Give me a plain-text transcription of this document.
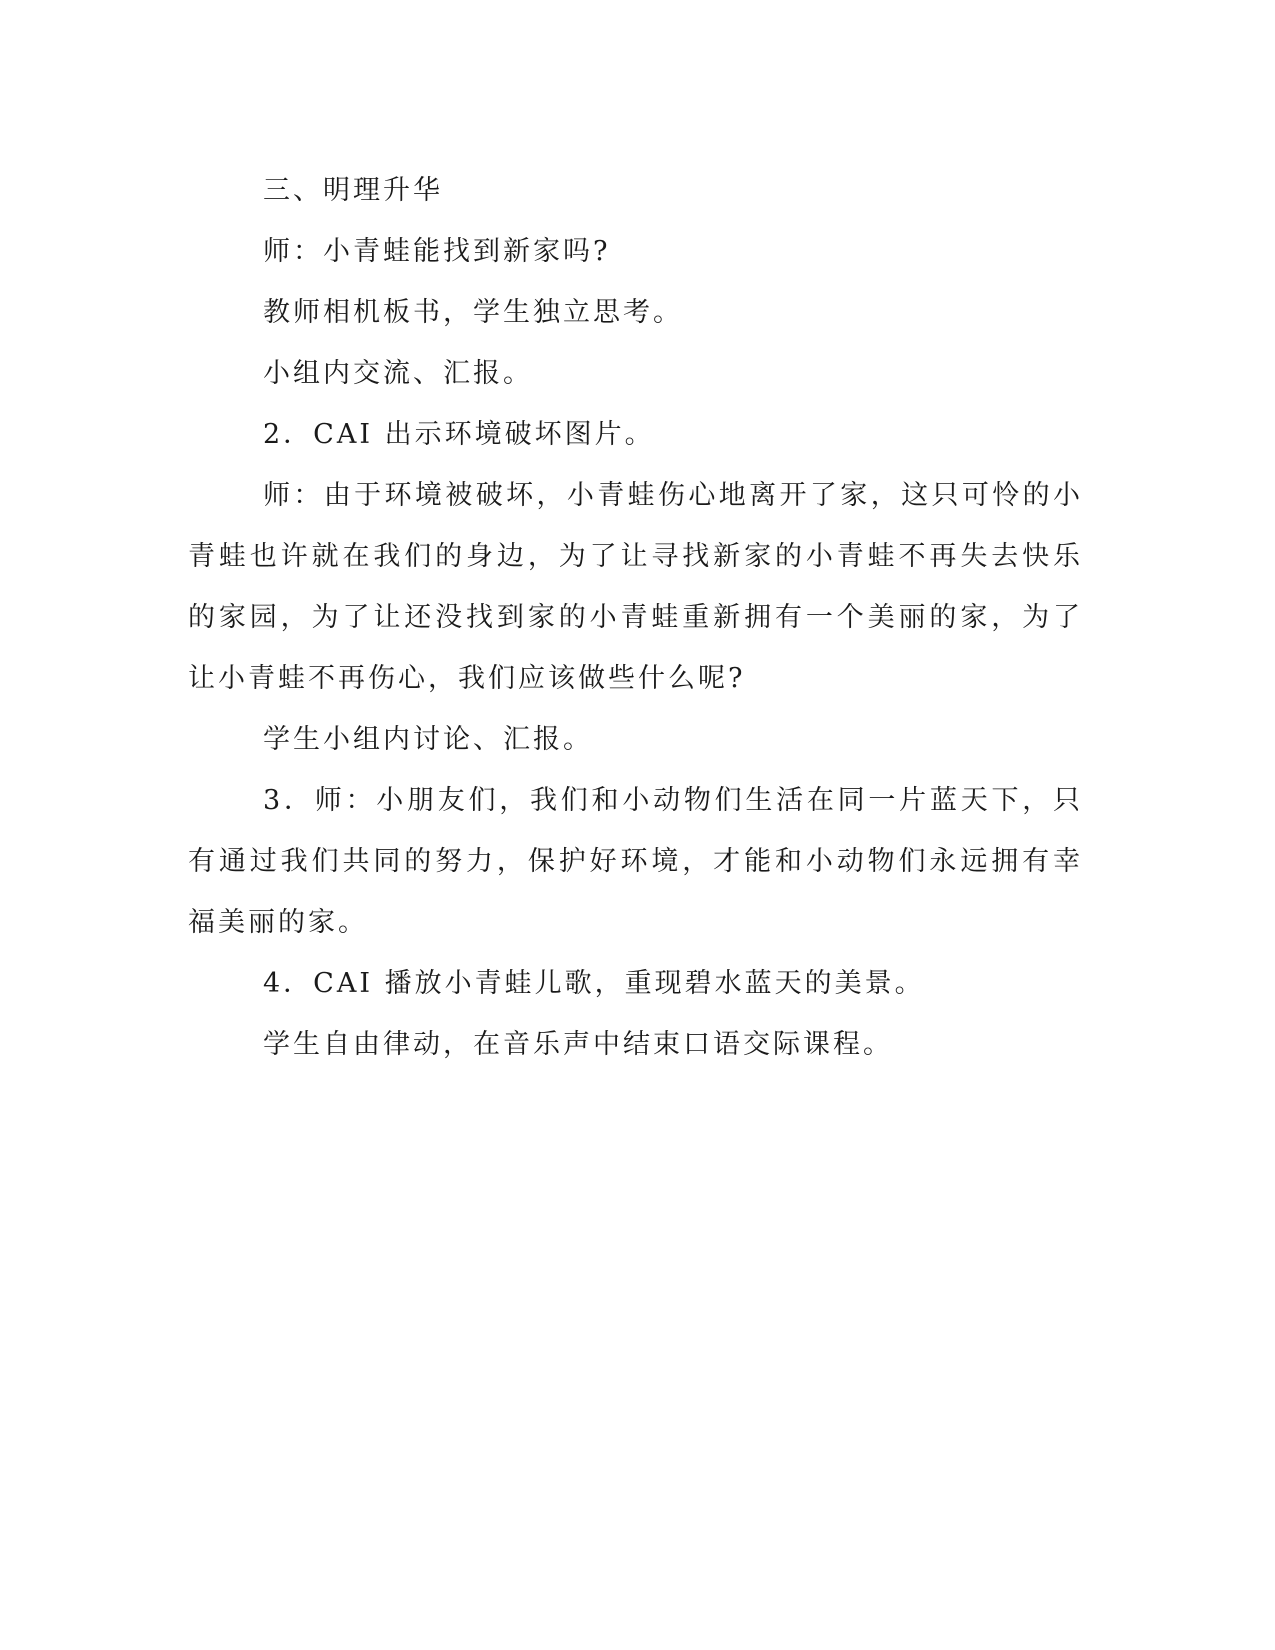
三、明理升华

师：小青蛙能找到新家吗?

教师相机板书，学生独立思考。

小组内交流、汇报。

2．CAI 出示环境破坏图片。

师：由于环境被破坏，小青蛙伤心地离开了家，这只可怜的小青蛙也许就在我们的身边，为了让寻找新家的小青蛙不再失去快乐的家园，为了让还没找到家的小青蛙重新拥有一个美丽的家，为了让小青蛙不再伤心，我们应该做些什么呢?

学生小组内讨论、汇报。

3．师：小朋友们，我们和小动物们生活在同一片蓝天下，只有通过我们共同的努力，保护好环境，才能和小动物们永远拥有幸福美丽的家。

4．CAI 播放小青蛙儿歌，重现碧水蓝天的美景。

学生自由律动，在音乐声中结束口语交际课程。
